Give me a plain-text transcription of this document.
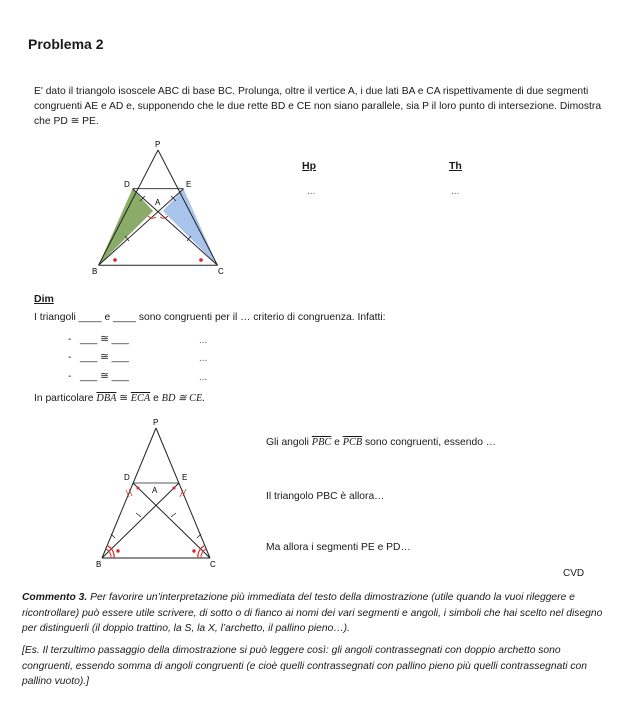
Problema 2
E' dato il triangolo isoscele ABC di base BC. Prolunga, oltre il vertice A, i due lati BA e CA rispettivamente di due segmenti congruenti AE e AD e, supponendo che le due rette BD e CE non siano parallele, sia P il loro punto di intersezione. Dimostra che PD ≅ PE.
P
D	E
A
B	C
Hp
...
Th
...
Dim
I triangoli ____ e ____ sono congruenti per il … criterio di congruenza. Infatti:
- ___ ≅ ___	...
- ___ ≅ ___	...
- ___ ≅ ___	...
In particolare $\overline{DBA}$ ≅ $\overline{ECA}$ e BD ≅ CE.
P
D	E
A
B	C
Gli angoli $\overline{PBC}$ e $\overline{PCB}$ sono congruenti, essendo …
Il triangolo PBC è allora…
Ma allora i segmenti PE e PD…
CVD
Commento 3. Per favorire un’interpretazione più immediata del testo della dimostrazione (utile quando la vuoi rileggere e ricontrollare) può essere utile scrivere, di sotto o di fianco ai nomi dei vari segmenti e angoli, i simboli che hai scelto nel disegno per distinguerli (il doppio trattino, la S, la X, l’archetto, il pallino pieno…).
[Es. Il terzultimo passaggio della dimostrazione si può leggere così: gli angoli contrassegnati con doppio archetto sono congruenti, essendo somma di angoli congruenti (e cioè quelli contrassegnati con pallino pieno più quelli contrassegnati con pallino vuoto).]
